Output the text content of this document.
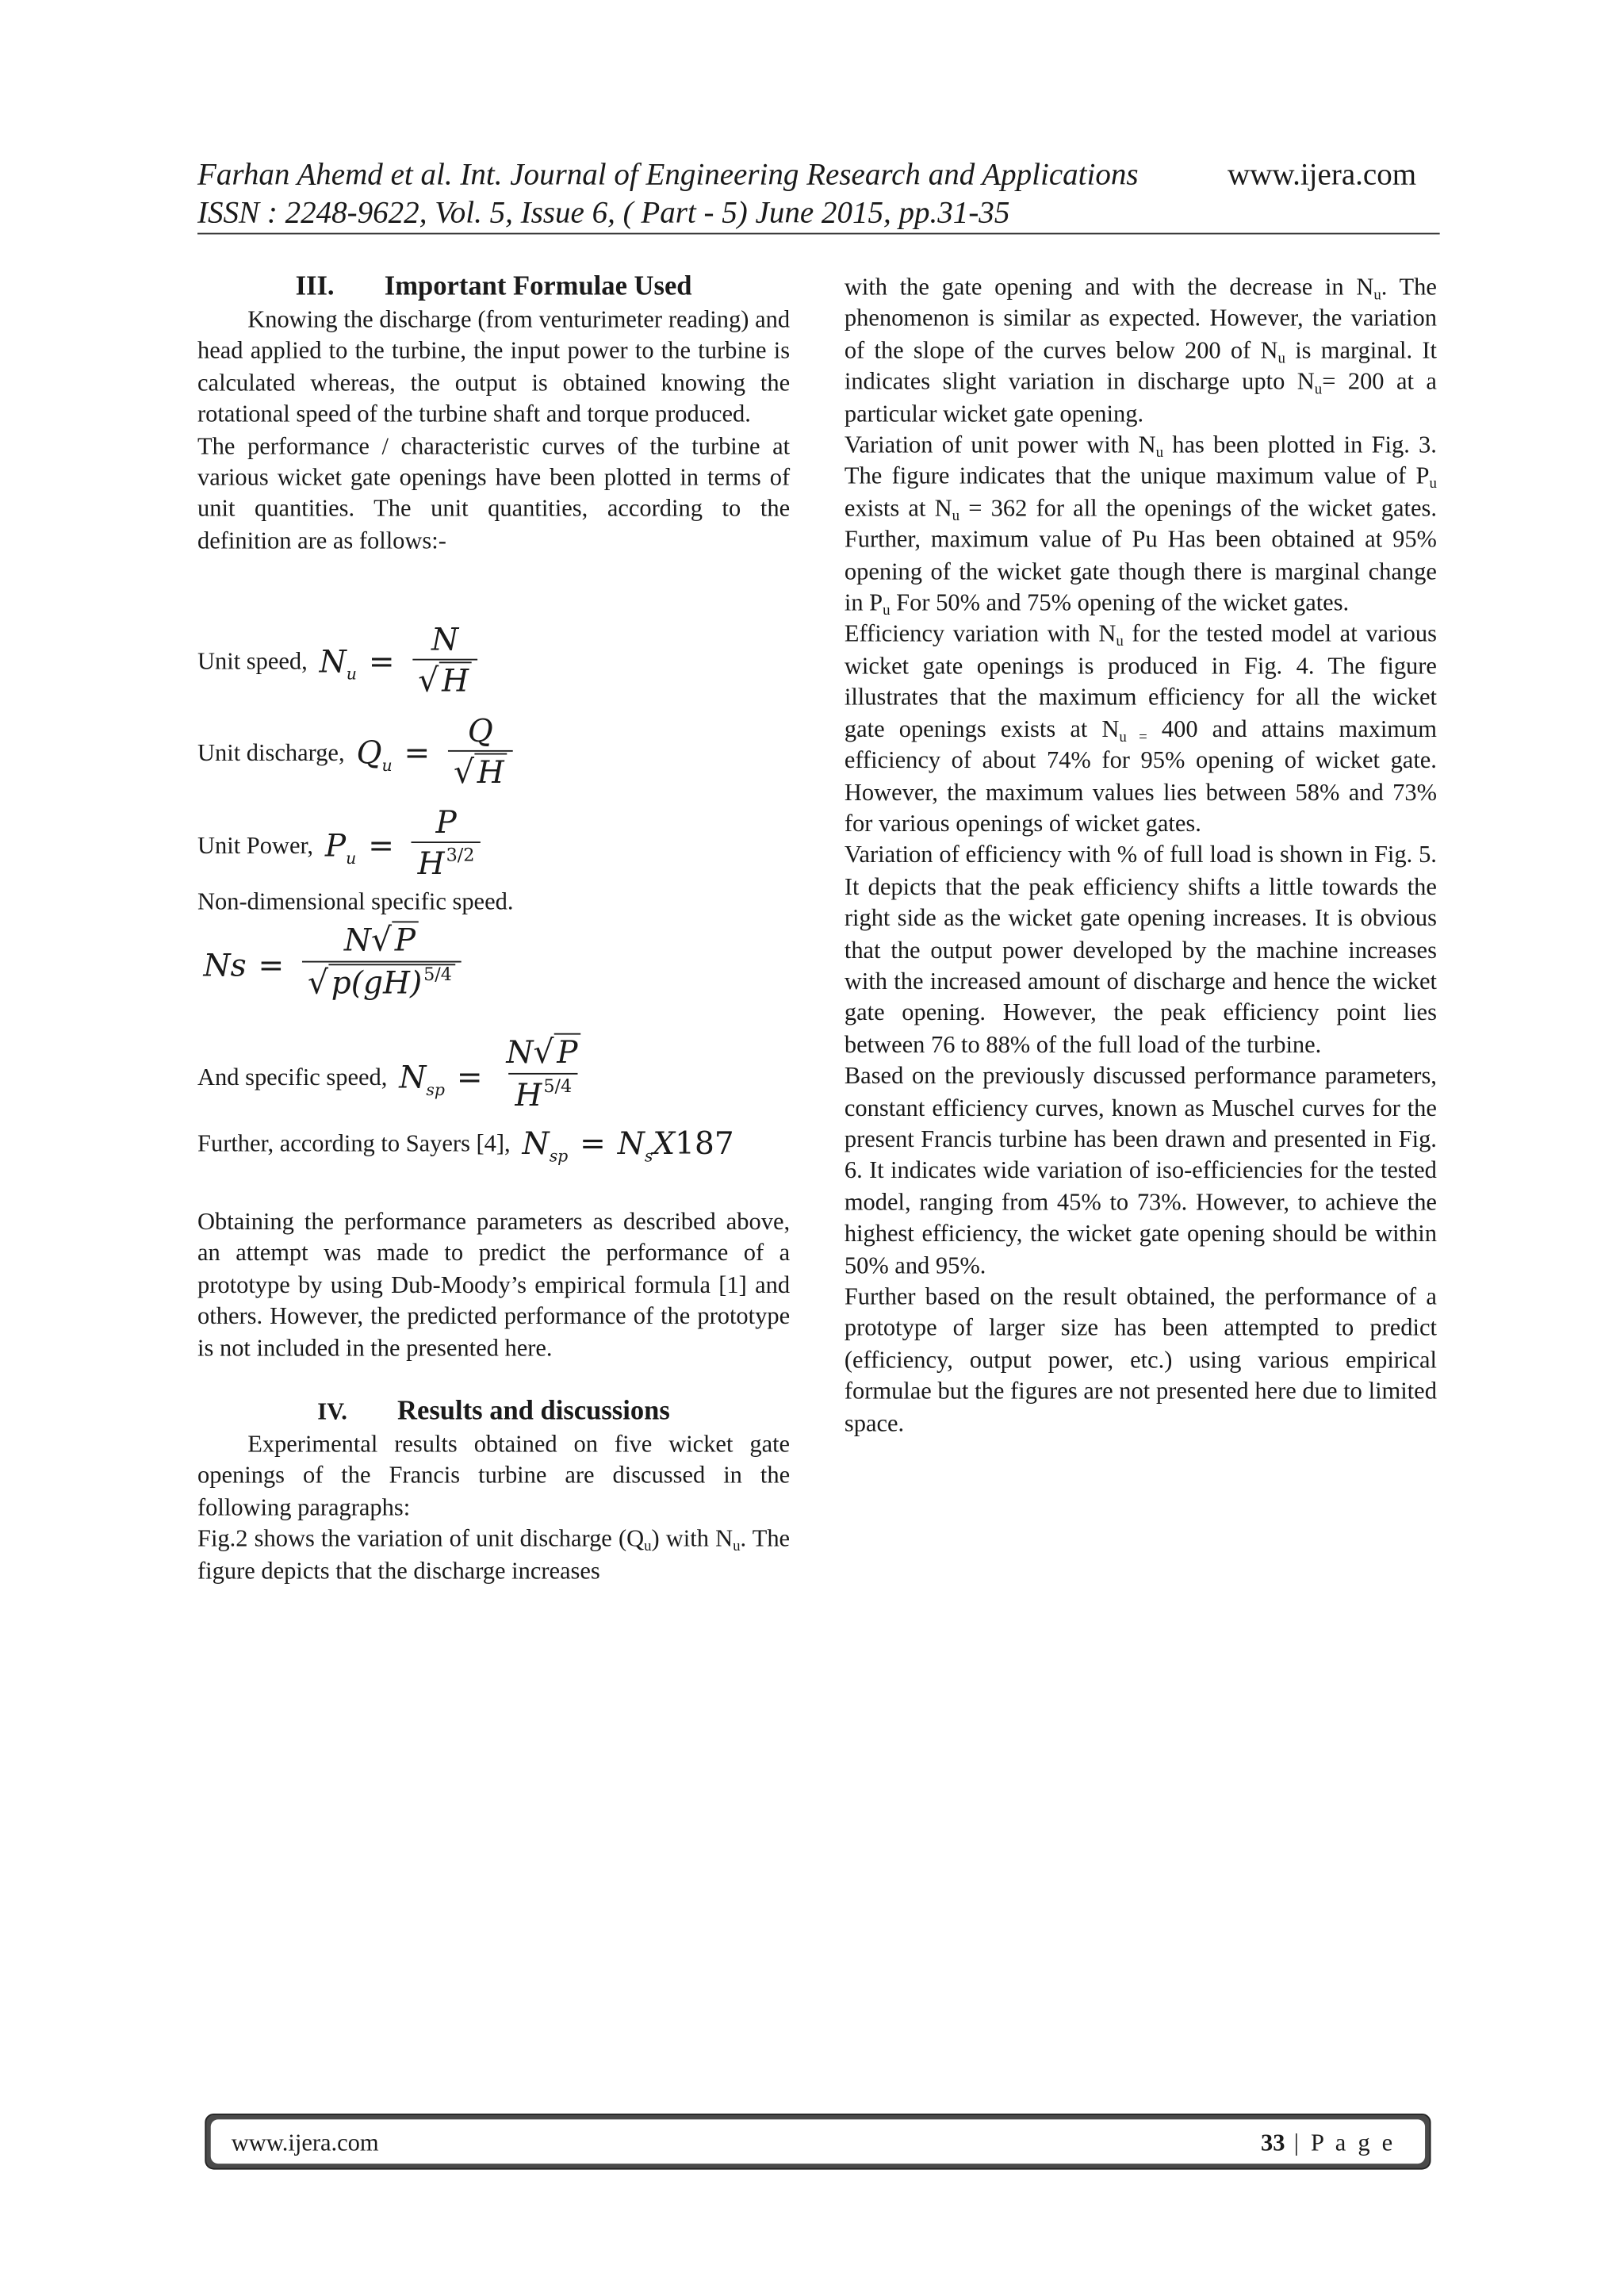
Farhan Ahemd et al. Int. Journal of Engineering Research and Applications	www.ijera.com
ISSN : 2248-9622, Vol. 5, Issue 6, ( Part - 5) June 2015, pp.31-35
III.	Important Formulae Used

Knowing the discharge (from venturimeter reading) and head applied to the turbine, the input power to the turbine is calculated whereas, the output is obtained knowing the rotational speed of the turbine shaft and torque produced.

The performance / characteristic curves of the turbine at various wicket gate openings have been plotted in terms of unit quantities. The unit quantities, according to the definition are as follows:-

Unit speed, $N_u = \frac{N}{√ H}$
Unit discharge, $Q_u = \frac{Q}{√ H}$
Unit Power, $P_u = \frac{P}{H ^{3/2}}$
Non-dimensional specific speed.
$Ns = \frac{N√ P}{√ p(gH) ^{5/4}}$
And specific speed, $N_{sp} = \frac{N√ P}{H ^{5/4}}$
Further, according to Sayers [4], $N_{sp} = N_sX187$

Obtaining the performance parameters as described above, an attempt was made to predict the performance of a prototype by using Dub-Moody’s empirical formula [1] and others. However, the predicted performance of the prototype is not included in the presented here.

IV.	Results and discussions

Experimental results obtained on five wicket gate openings of the Francis turbine are discussed in the following paragraphs:

Fig.2 shows the variation of unit discharge $(Q_u)$ with $N_u$. The figure depicts that the discharge increases

with the gate opening and with the decrease in $N_u$. The phenomenon is similar as expected. However, the variation of the slope of the curves below 200 of $N_u$ is marginal. It indicates slight variation in discharge upto $N_u= 200$ at a particular wicket gate opening.

Variation of unit power with $N_u$ has been plotted in Fig. 3. The figure indicates that the unique maximum value of $P_u$ exists at $N_u = 362$ for all the openings of the wicket gates. Further, maximum value of Pu Has been obtained at 95% opening of the wicket gate though there is marginal change in $P_u$ For 50% and 75% opening of the wicket gates.

Efficiency variation with $N_u$ for the tested model at various wicket gate openings is produced in Fig. 4. The figure illustrates that the maximum efficiency for all the wicket gate openings exists at $N_{u =}$ 400 and attains maximum efficiency of about 74% for 95% opening of wicket gate. However, the maximum values lies between 58% and 73% for various openings of wicket gates.

Variation of efficiency with % of full load is shown in Fig. 5. It depicts that the peak efficiency shifts a little towards the right side as the wicket gate opening increases. It is obvious that the output power developed by the machine increases with the increased amount of discharge and hence the wicket gate opening. However, the peak efficiency point lies between 76 to 88% of the full load of the turbine.

Based on the previously discussed performance parameters, constant efficiency curves, known as Muschel curves for the present Francis turbine has been drawn and presented in Fig. 6. It indicates wide variation of iso-efficiencies for the tested model, ranging from 45% to 73%. However, to achieve the highest efficiency, the wicket gate opening should be within 50% and 95%.

Further based on the result obtained, the performance of a prototype of larger size has been attempted to predict (efficiency, output power, etc.) using various empirical formulae but the figures are not presented here due to limited space.

www.ijera.com	33 | P a g e
